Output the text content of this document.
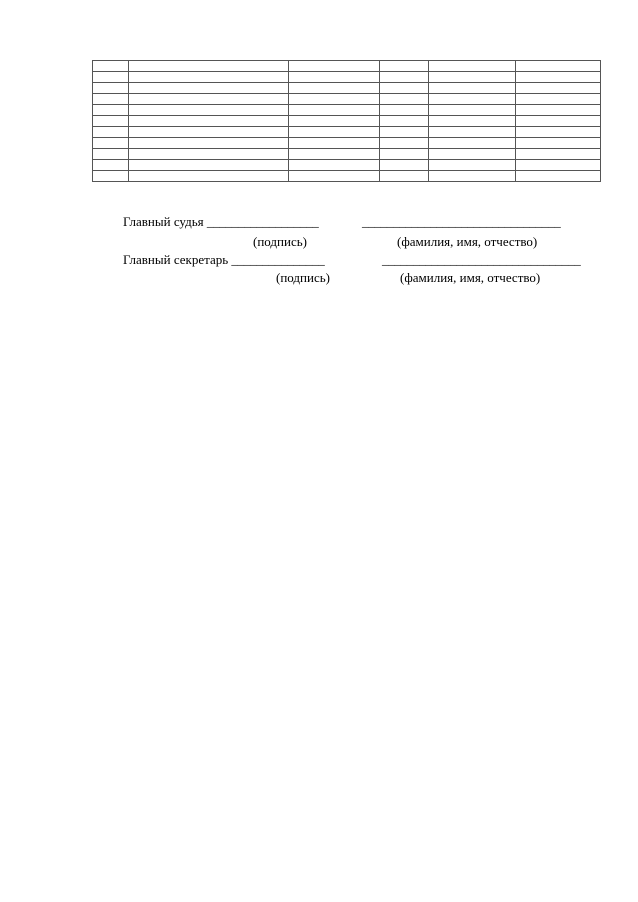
Главный судья __________________	________________________________
(подпись)	(фамилия, имя, отчество)
Главный секретарь _______________	________________________________
(подпись)	(фамилия, имя, отчество)
